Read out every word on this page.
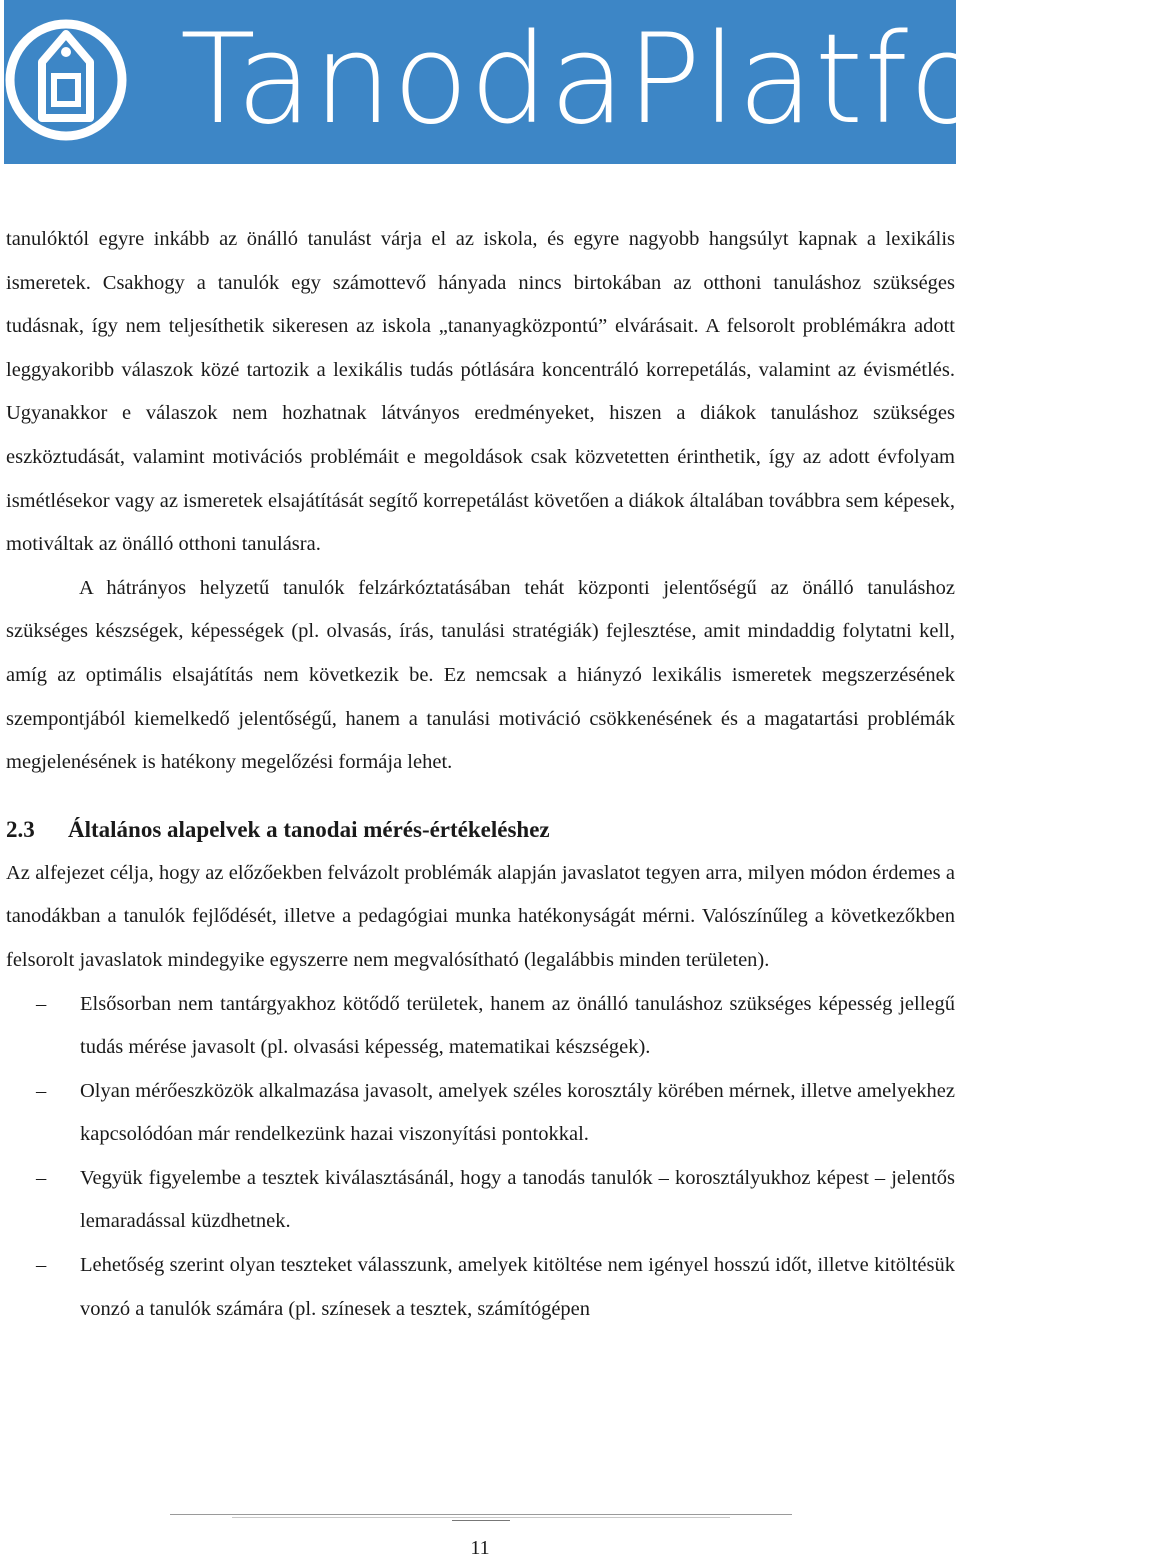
TanodaPlatform

tanulóktól egyre inkább az önálló tanulást várja el az iskola, és egyre nagyobb hangsúlyt kapnak a lexikális ismeretek. Csakhogy a tanulók egy számottevő hányada nincs birtokában az otthoni tanuláshoz szükséges tudásnak, így nem teljesíthetik sikeresen az iskola „tananyagközpontú” elvárásait. A felsorolt problémákra adott leggyakoribb válaszok közé tartozik a lexikális tudás pótlására koncentráló korrepetálás, valamint az évismétlés. Ugyanakkor e válaszok nem hozhatnak látványos eredményeket, hiszen a diákok tanuláshoz szükséges eszköztudását, valamint motivációs problémáit e megoldások csak közvetetten érinthetik, így az adott évfolyam ismétlésekor vagy az ismeretek elsajátítását segítő korrepetálást követően a diákok általában továbbra sem képesek, motiváltak az önálló otthoni tanulásra.

A hátrányos helyzetű tanulók felzárkóztatásában tehát központi jelentőségű az önálló tanuláshoz szükséges készségek, képességek (pl. olvasás, írás, tanulási stratégiák) fejlesztése, amit mindaddig folytatni kell, amíg az optimális elsajátítás nem következik be. Ez nemcsak a hiányzó lexikális ismeretek megszerzésének szempontjából kiemelkedő jelentőségű, hanem a tanulási motiváció csökkenésének és a magatartási problémák megjelenésének is hatékony megelőzési formája lehet.

2.3 Általános alapelvek a tanodai mérés-értékeléshez

Az alfejezet célja, hogy az előzőekben felvázolt problémák alapján javaslatot tegyen arra, milyen módon érdemes a tanodákban a tanulók fejlődését, illetve a pedagógiai munka hatékonyságát mérni. Valószínűleg a következőkben felsorolt javaslatok mindegyike egyszerre nem megvalósítható (legalábbis minden területen).

– Elsősorban nem tantárgyakhoz kötődő területek, hanem az önálló tanuláshoz szükséges képesség jellegű tudás mérése javasolt (pl. olvasási képesség, matematikai készségek).
– Olyan mérőeszközök alkalmazása javasolt, amelyek széles korosztály körében mérnek, illetve amelyekhez kapcsolódóan már rendelkezünk hazai viszonyítási pontokkal.
– Vegyük figyelembe a tesztek kiválasztásánál, hogy a tanodás tanulók – korosztályukhoz képest – jelentős lemaradással küzdhetnek.
– Lehetőség szerint olyan teszteket válasszunk, amelyek kitöltése nem igényel hosszú időt, illetve kitöltésük vonzó a tanulók számára (pl. színesek a tesztek, számítógépen
11
